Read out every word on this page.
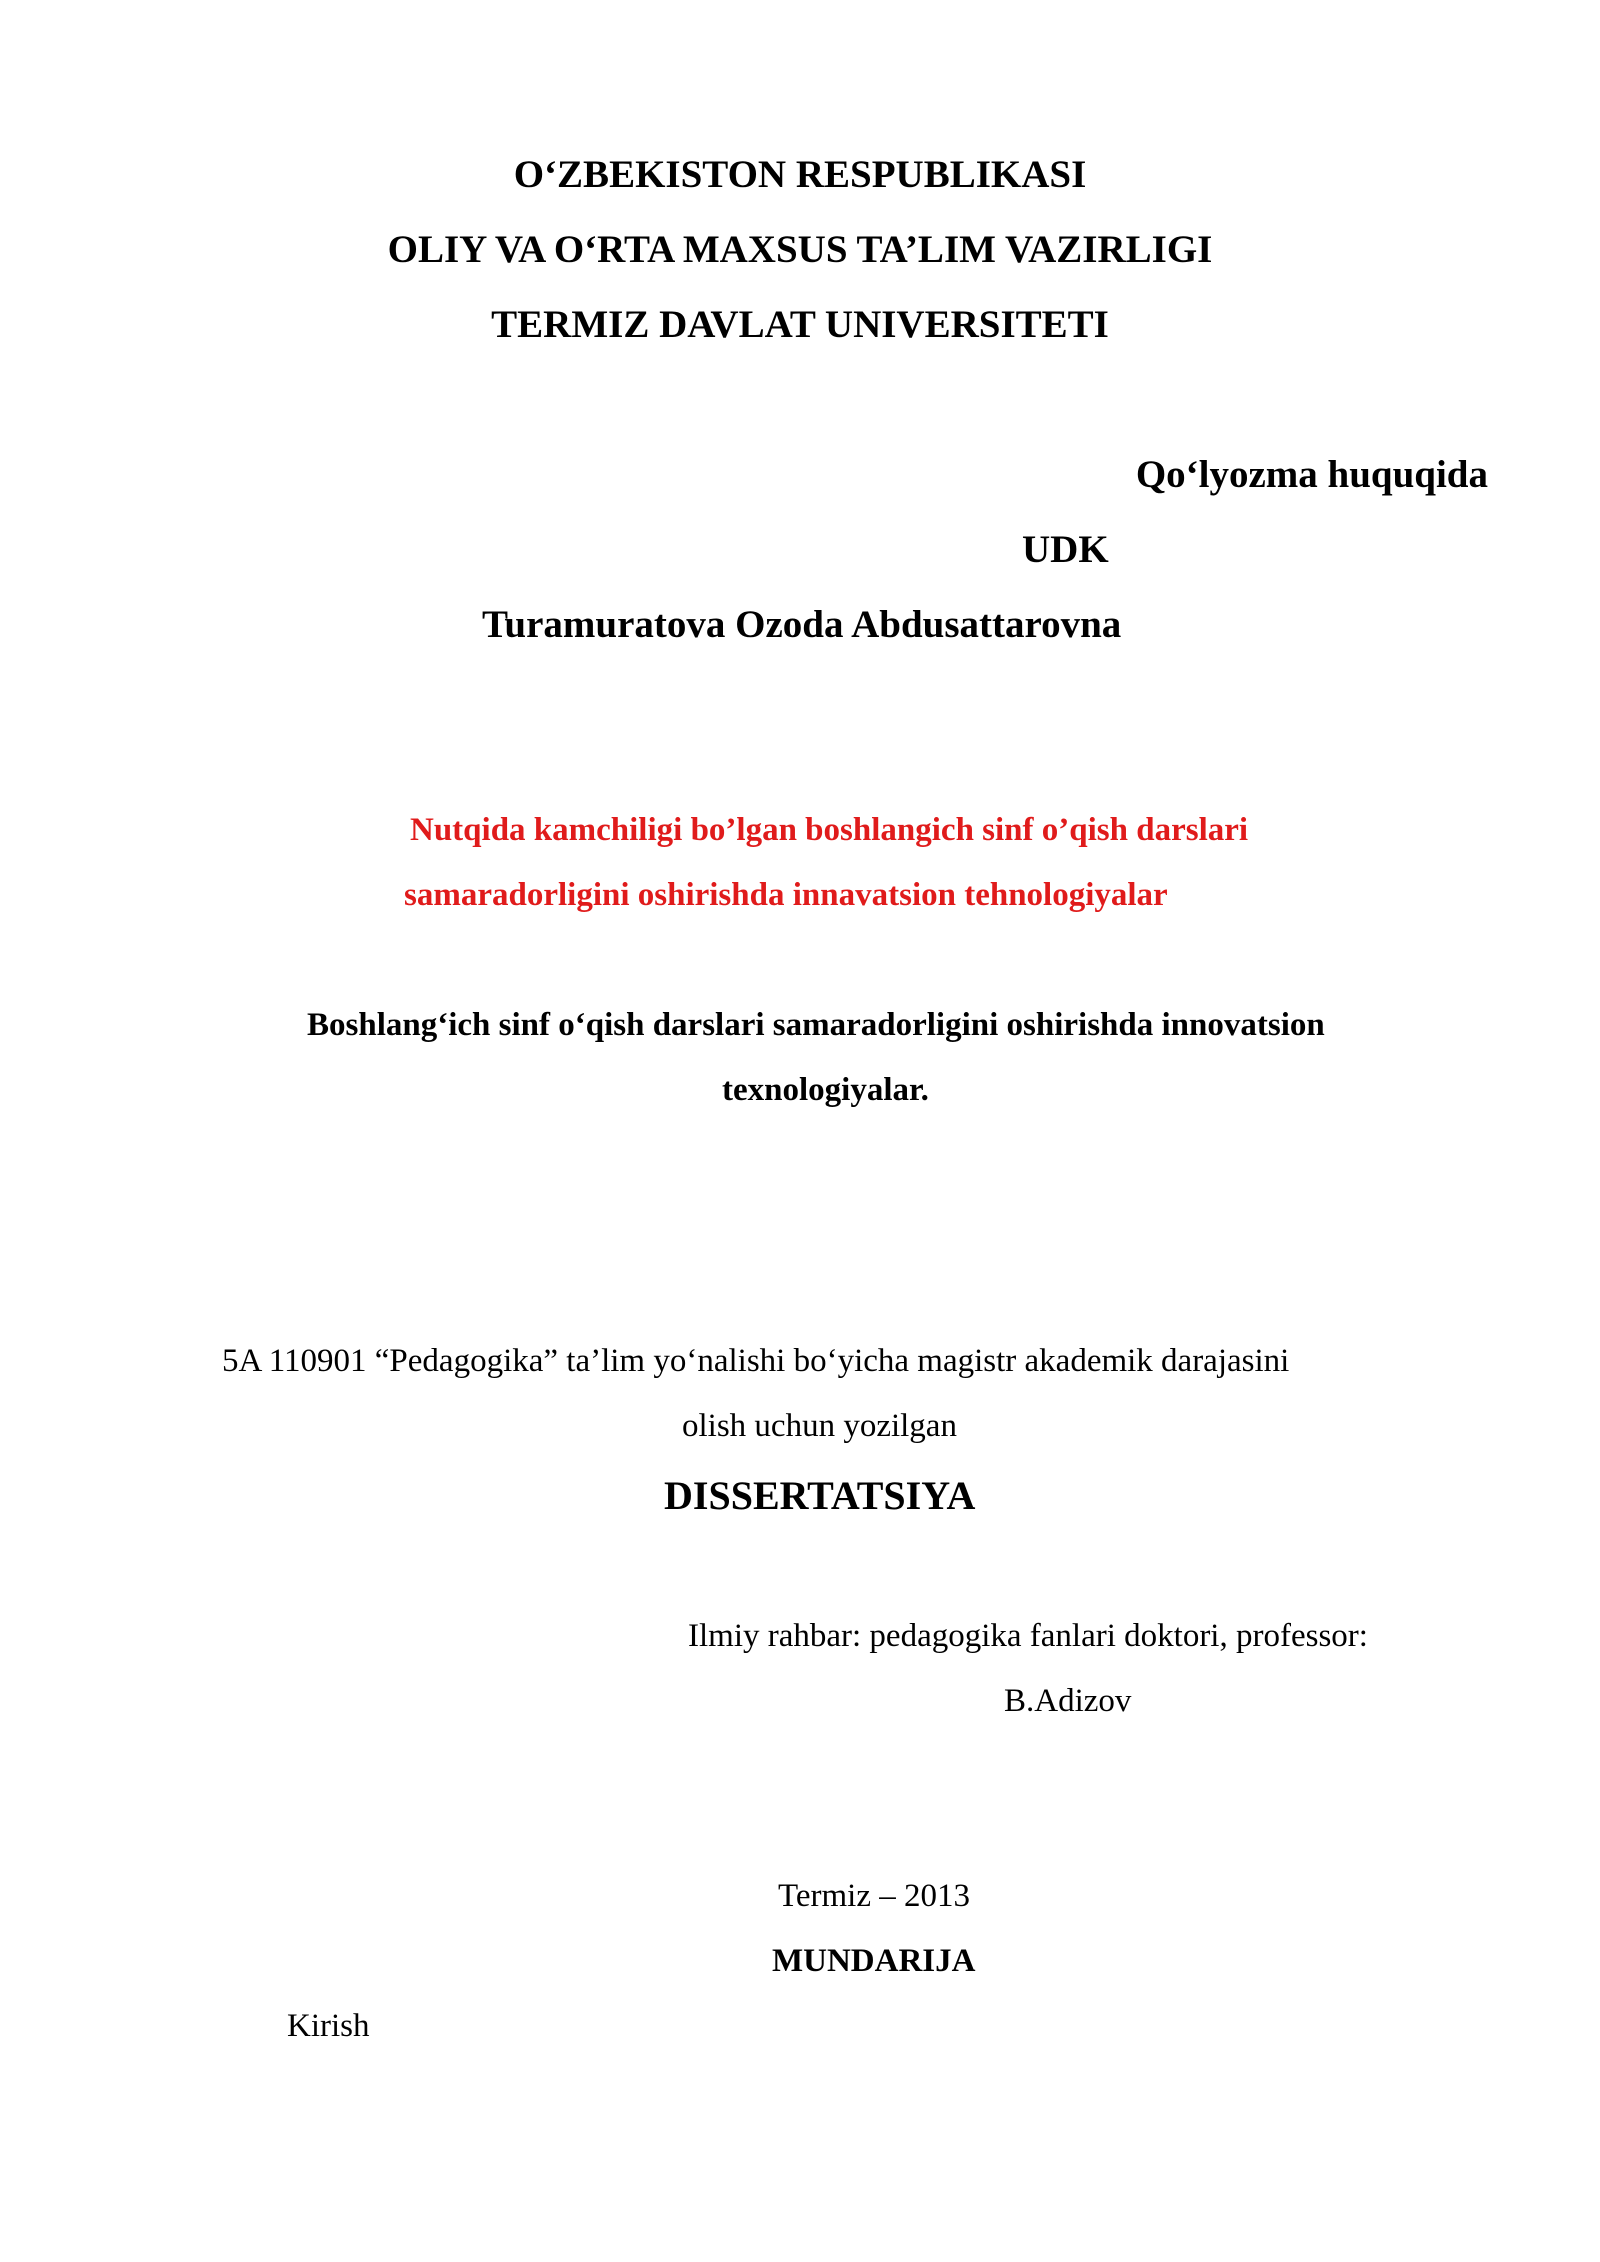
O‘ZBEKISTON RESPUBLIKASI
OLIY VA O‘RTA MAXSUS TA’LIM VAZIRLIGI
TERMIZ DAVLAT UNIVERSITETI
Qo‘lyozma huquqida
UDK
Turamuratova Ozoda Abdusattarovna
Nutqida kamchiligi bo’lgan boshlangich sinf o’qish darslari
samaradorligini oshirishda innavatsion tehnologiyalar
Boshlang‘ich sinf o‘qish darslari samaradorligini oshirishda innovatsion
texnologiyalar.
5A 110901 “Pedagogika” ta’lim yo‘nalishi bo‘yicha magistr akademik darajasini
olish uchun yozilgan
DISSERTATSIYA
Ilmiy rahbar: pedagogika fanlari doktori, professor:
B.Adizov
Termiz – 2013
MUNDARIJA
Kirish
